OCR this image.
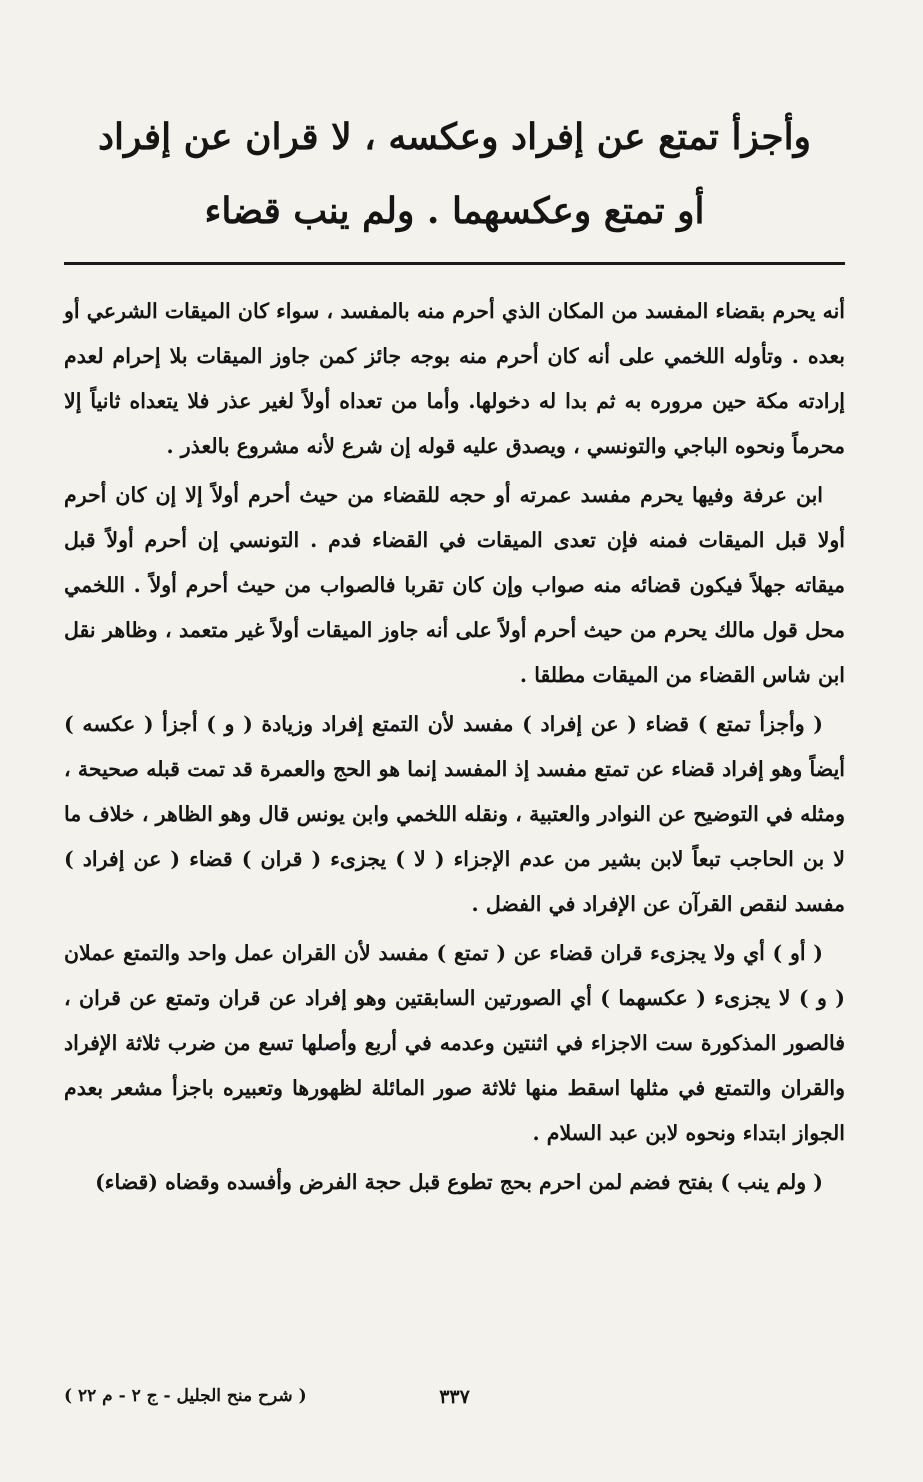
وأجزأ تمتع عن إفراد وعكسه ، لا قران عن إفراد
أو تمتع وعكسهما . ولم ينب قضاء

أنه يحرم بقضاء المفسد من المكان الذي أحرم منه بالمفسد ، سواء كان الميقات الشرعي أو بعده . وتأوله اللخمي على أنه كان أحرم منه بوجه جائز كمن جاوز الميقات بلا إحرام لعدم إرادته مكة حين مروره به ثم بدا له دخولها. وأما من تعداه أولاً لغير عذر فلا يتعداه ثانياً إلا محرماً ونحوه الباجي والتونسي ، ويصدق عليه قوله إن شرع لأنه مشروع بالعذر .

ابن عرفة وفيها يحرم مفسد عمرته أو حجه للقضاء من حيث أحرم أولاً إلا إن كان أحرم أولا قبل الميقات فمنه فإن تعدى الميقات في القضاء فدم . التونسي إن أحرم أولاً قبل ميقاته جهلاً فيكون قضائه منه صواب وإن كان تقربا فالصواب من حيث أحرم أولاً . اللخمي محل قول مالك يحرم من حيث أحرم أولاً على أنه جاوز الميقات أولاً غير متعمد ، وظاهر نقل ابن شاس القضاء من الميقات مطلقا .

( وأجزأ تمتع ) قضاء ( عن إفراد ) مفسد لأن التمتع إفراد وزيادة ( و ) أجزأ ( عكسه ) أيضاً وهو إفراد قضاء عن تمتع مفسد إذ المفسد إنما هو الحج والعمرة قد تمت قبله صحيحة ، ومثله في التوضيح عن النوادر والعتبية ، ونقله اللخمي وابن يونس قال وهو الظاهر ، خلاف ما لا بن الحاجب تبعاً لابن بشير من عدم الإجزاء ( لا ) يجزىء ( قران ) قضاء ( عن إفراد ) مفسد لنقص القرآن عن الإفراد في الفضل .

( أو ) أي ولا يجزىء قران قضاء عن ( تمتع ) مفسد لأن القران عمل واحد والتمتع عملان ( و ) لا يجزىء ( عكسهما ) أي الصورتين السابقتين وهو إفراد عن قران وتمتع عن قران ، فالصور المذكورة ست الاجزاء في اثنتين وعدمه في أربع وأصلها تسع من ضرب ثلاثة الإفراد والقران والتمتع في مثلها اسقط منها ثلاثة صور المائلة لظهورها وتعبيره باجزأ مشعر بعدم الجواز ابتداء ونحوه لابن عبد السلام .

( ولم ينب ) بفتح فضم لمن احرم بحج تطوع قبل حجة الفرض وأفسده وقضاه (قضاء)

٣٣٧
( شرح منح الجليل - ج ٢ - م ٢٢ )
